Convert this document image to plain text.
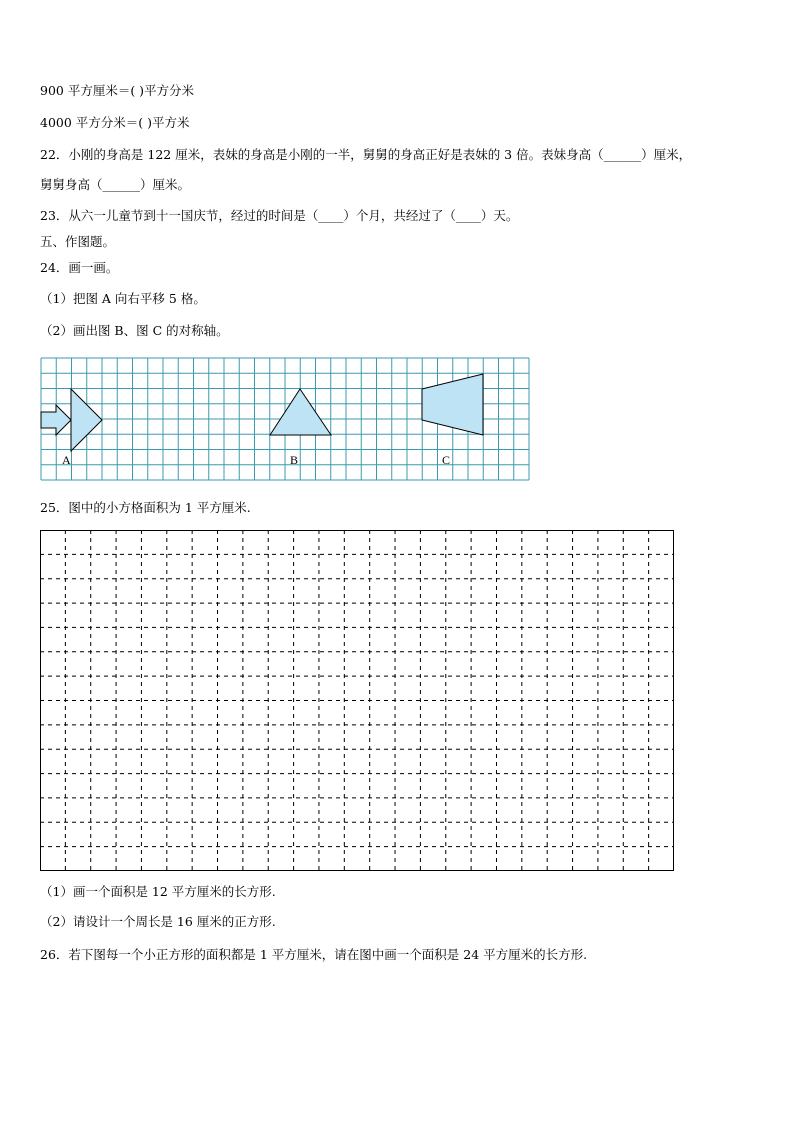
900 平方厘米＝( )平方分米
4000 平方分米＝( )平方米
22．小刚的身高是 122 厘米，表妹的身高是小刚的一半，舅舅的身高正好是表妹的 3 倍。表妹身高（______）厘米，
舅舅身高（______）厘米。
23．从六一儿童节到十一国庆节，经过的时间是（____）个月，共经过了（____）天。
五、作图题。
24．画一画。
（1）把图 A 向右平移 5 格。
（2）画出图 B、图 C 的对称轴。
A	B	C
25．图中的小方格面积为 1 平方厘米.
（1）画一个面积是 12 平方厘米的长方形.
（2）请设计一个周长是 16 厘米的正方形.
26．若下图每一个小正方形的面积都是 1 平方厘米，请在图中画一个面积是 24 平方厘米的长方形.
